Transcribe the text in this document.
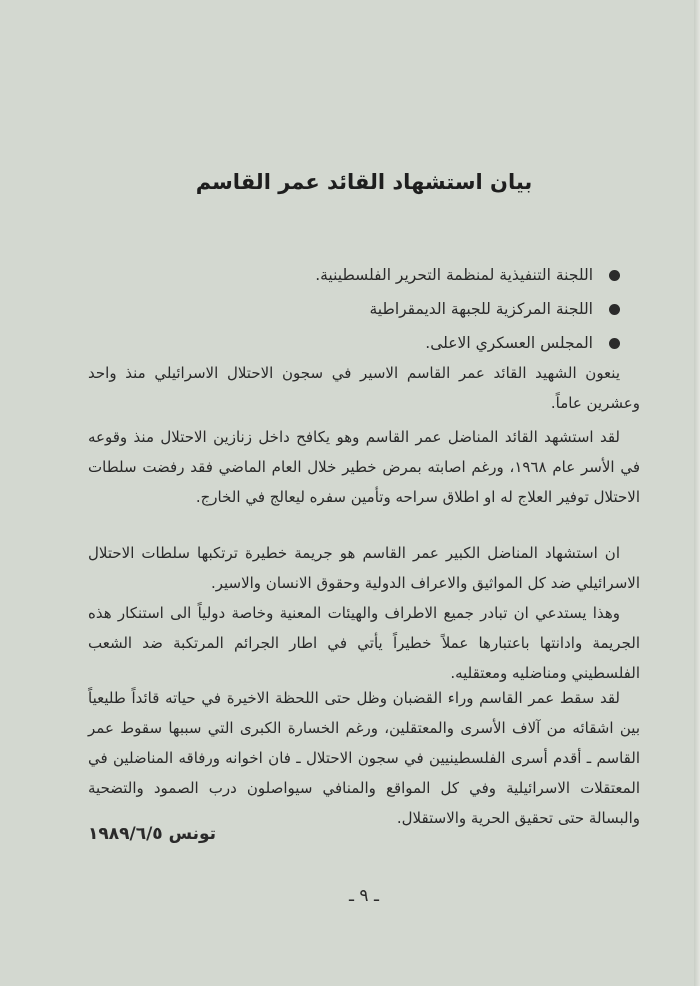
بيان استشهاد القائد عمر القاسم
اللجنة التنفيذية لمنظمة التحرير الفلسطينية.
اللجنة المركزية للجبهة الديمقراطية
المجلس العسكري الاعلى.

ينعون الشهيد القائد عمر القاسم الاسير في سجون الاحتلال الاسرائيلي منذ واحد وعشرين عاماً.

لقد استشهد القائد المناضل عمر القاسم وهو يكافح داخل زنازين الاحتلال منذ وقوعه في الأسر عام ١٩٦٨، ورغم اصابته بمرض خطير خلال العام الماضي فقد رفضت سلطات الاحتلال توفير العلاج له او اطلاق سراحه وتأمين سفره ليعالج في الخارج.

ان استشهاد المناضل الكبير عمر القاسم هو جريمة خطيرة ترتكبها سلطات الاحتلال الاسرائيلي ضد كل المواثيق والاعراف الدولية وحقوق الانسان والاسير.

وهذا يستدعي ان تبادر جميع الاطراف والهيئات المعنية وخاصة دولياً الى استنكار هذه الجريمة وادانتها باعتبارها عملاً خطيراً يأتي في اطار الجرائم المرتكبة ضد الشعب الفلسطيني ومناضليه ومعتقليه.

لقد سقط عمر القاسم وراء القضبان وظل حتى اللحظة الاخيرة في حياته قائداً طليعياً بين اشقائه من آلاف الأسرى والمعتقلين، ورغم الخسارة الكبرى التي سببها سقوط عمر القاسم ـ أقدم أسرى الفلسطينيين في سجون الاحتلال ـ فان اخوانه ورفاقه المناضلين في المعتقلات الاسرائيلية وفي كل المواقع والمنافي سيواصلون درب الصمود والتضحية والبسالة حتى تحقيق الحرية والاستقلال.

تونس ١٩٨٩/٦/٥

ـ ٩ ـ
